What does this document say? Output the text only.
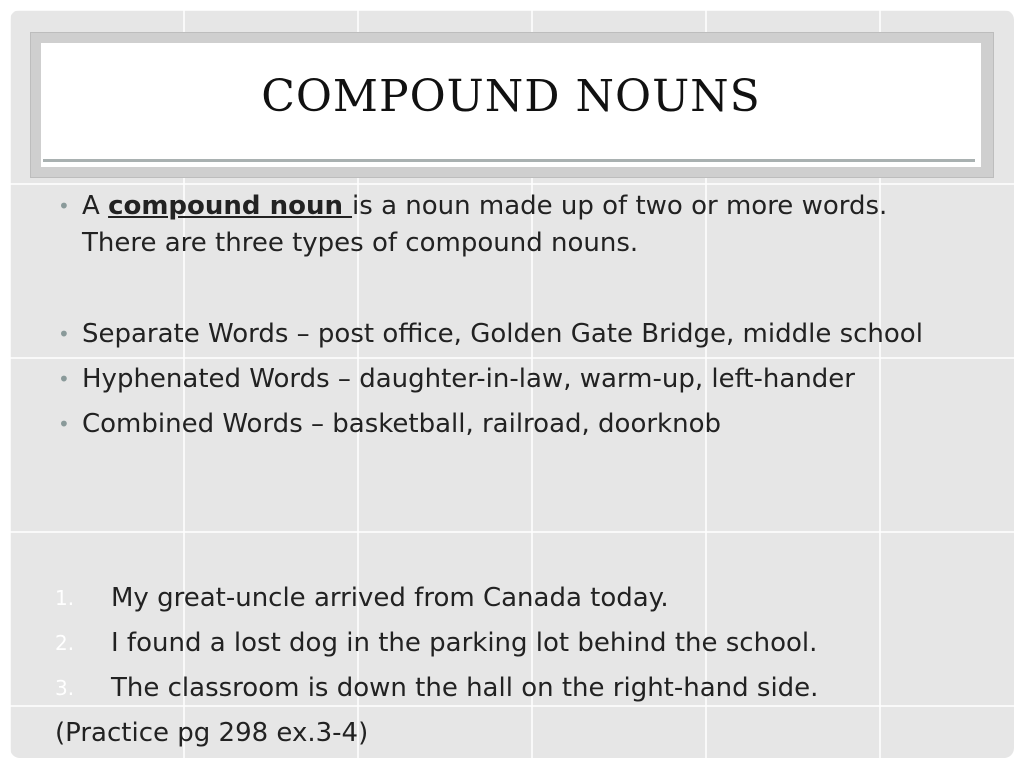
COMPOUND NOUNS
• A compound noun is a noun made up of two or more words. There are three types of compound nouns.
• Separate Words – post office, Golden Gate Bridge, middle school
• Hyphenated Words – daughter-in-law, warm-up, left-hander
• Combined Words – basketball, railroad, doorknob
1. My great-uncle arrived from Canada today.
2. I found a lost dog in the parking lot behind the school.
3. The classroom is down the hall on the right-hand side.
(Practice pg 298 ex.3-4)
